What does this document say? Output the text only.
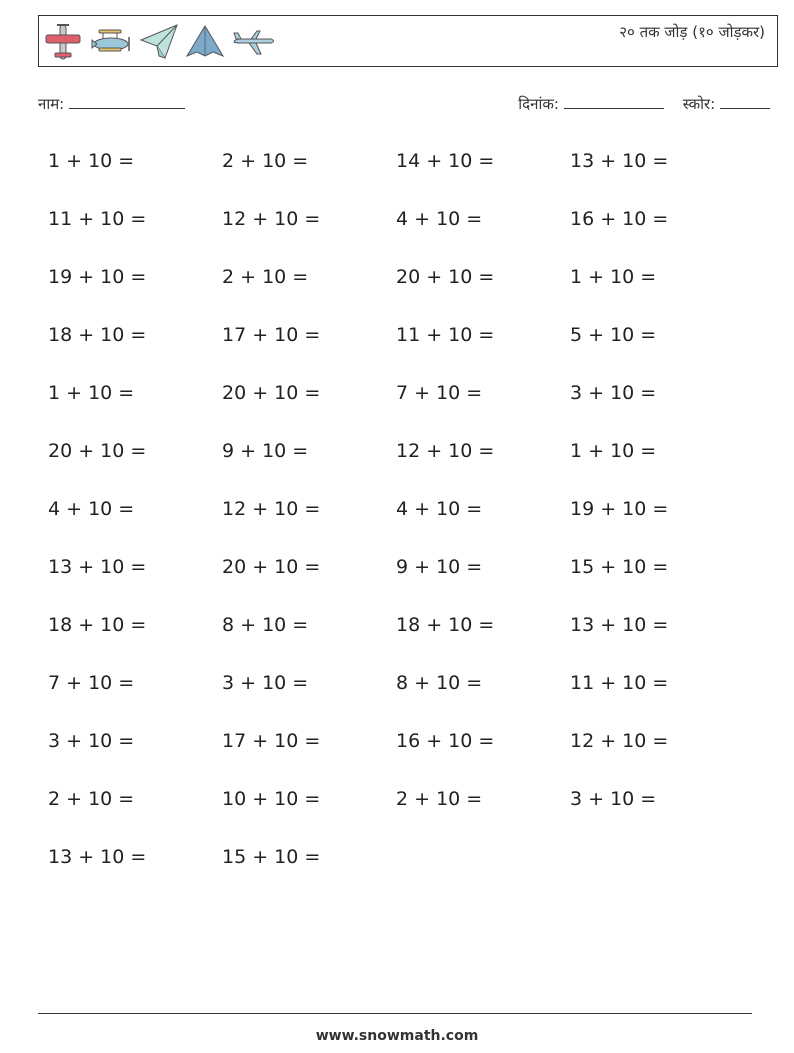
२० तक जोड़ (१० जोड़कर)
नाम:	दिनांक:	स्कोर:
1 + 10 =	2 + 10 =	14 + 10 =	13 + 10 =
11 + 10 =	12 + 10 =	4 + 10 =	16 + 10 =
19 + 10 =	2 + 10 =	20 + 10 =	1 + 10 =
18 + 10 =	17 + 10 =	11 + 10 =	5 + 10 =
1 + 10 =	20 + 10 =	7 + 10 =	3 + 10 =
20 + 10 =	9 + 10 =	12 + 10 =	1 + 10 =
4 + 10 =	12 + 10 =	4 + 10 =	19 + 10 =
13 + 10 =	20 + 10 =	9 + 10 =	15 + 10 =
18 + 10 =	8 + 10 =	18 + 10 =	13 + 10 =
7 + 10 =	3 + 10 =	8 + 10 =	11 + 10 =
3 + 10 =	17 + 10 =	16 + 10 =	12 + 10 =
2 + 10 =	10 + 10 =	2 + 10 =	3 + 10 =
13 + 10 =	15 + 10 =
www.snowmath.com
